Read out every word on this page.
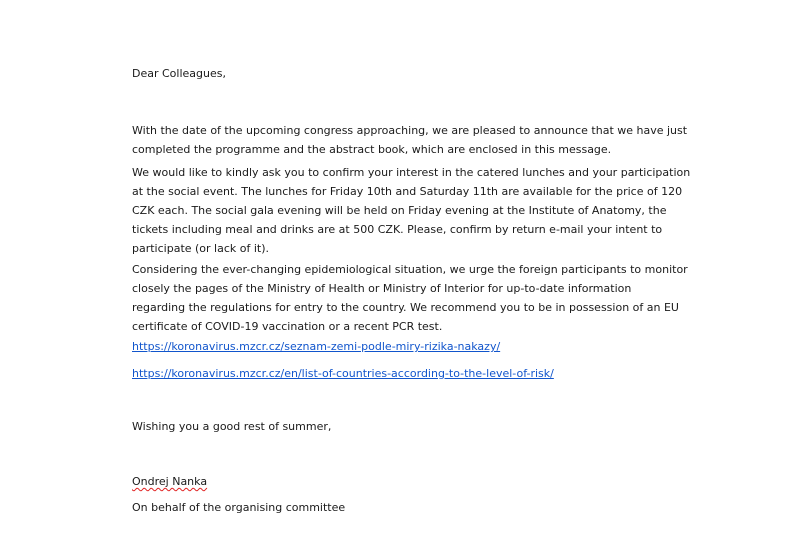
Dear Colleagues,
With the date of the upcoming congress approaching, we are pleased to announce that we have just
completed the programme and the abstract book, which are enclosed in this message.
We would like to kindly ask you to confirm your interest in the catered lunches and your participation
at the social event. The lunches for Friday 10th and Saturday 11th are available for the price of 120
CZK each. The social gala evening will be held on Friday evening at the Institute of Anatomy, the
tickets including meal and drinks are at 500 CZK. Please, confirm by return e-mail your intent to
participate (or lack of it).
Considering the ever-changing epidemiological situation, we urge the foreign participants to monitor
closely the pages of the Ministry of Health or Ministry of Interior for up-to-date information
regarding the regulations for entry to the country. We recommend you to be in possession of an EU
certificate of COVID-19 vaccination or a recent PCR test.
https://koronavirus.mzcr.cz/seznam-zemi-podle-miry-rizika-nakazy/
https://koronavirus.mzcr.cz/en/list-of-countries-according-to-the-level-of-risk/
Wishing you a good rest of summer,
Ondrej Nanka
On behalf of the organising committee
